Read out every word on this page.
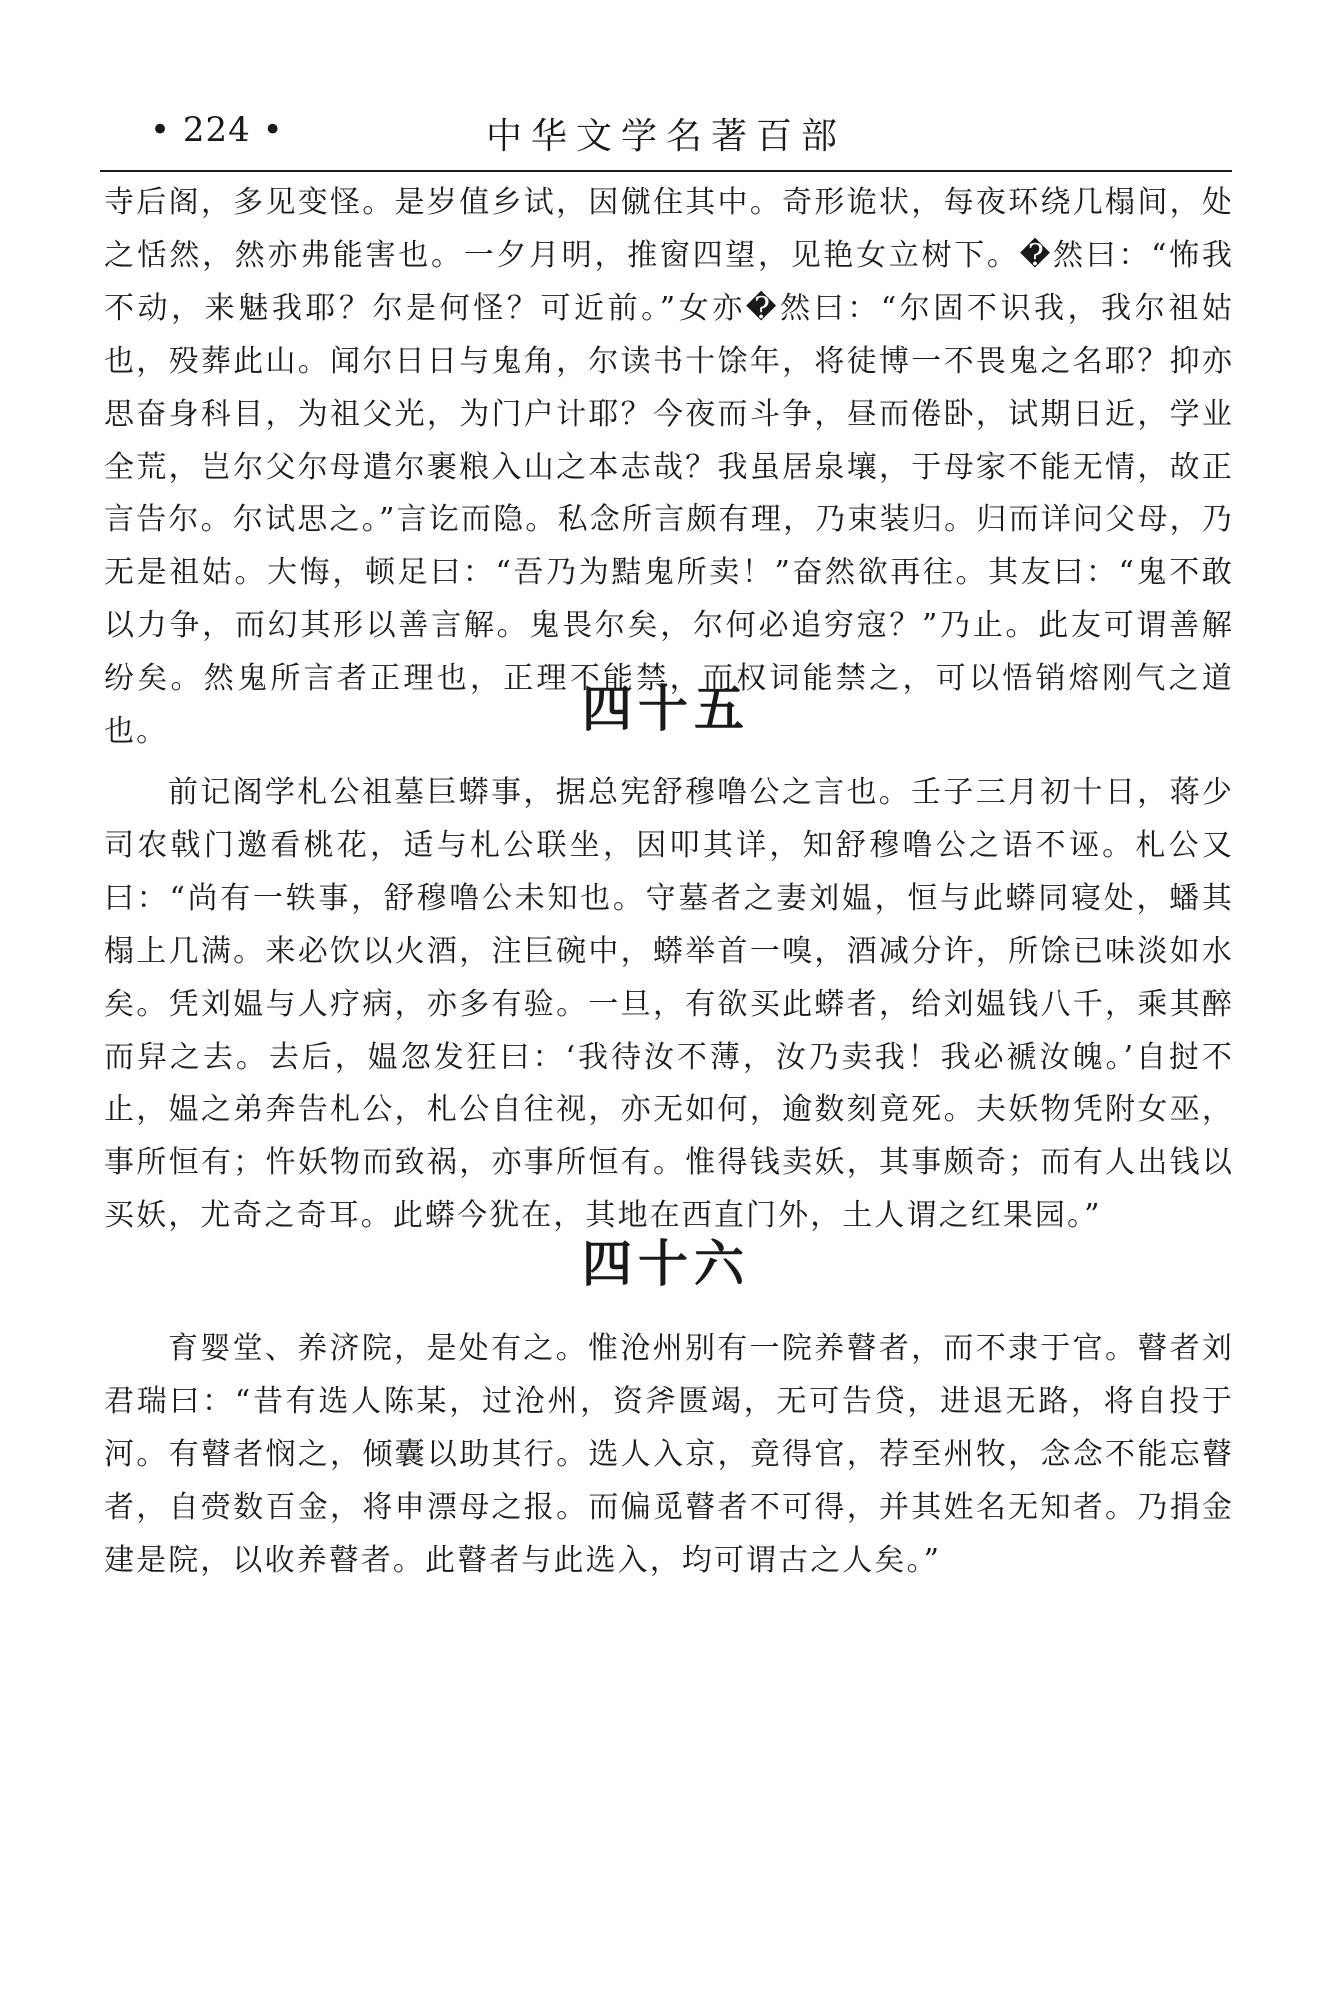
• 224 •	中华文学名著百部

寺后阁，多见变怪。是岁值乡试，因僦住其中。奇形诡状，每夜环绕几榻间，处之恬然，然亦弗能害也。一夕月明，推窗四望，见艳女立树下。�然曰：“怖我不动，来魅我耶？尔是何怪？可近前。”女亦�然曰：“尔固不识我，我尔祖姑也，殁葬此山。闻尔日日与鬼角，尔读书十馀年，将徒博一不畏鬼之名耶？抑亦思奋身科目，为祖父光，为门户计耶？今夜而斗争，昼而倦卧，试期日近，学业全荒，岂尔父尔母遣尔裹粮入山之本志哉？我虽居泉壤，于母家不能无情，故正言告尔。尔试思之。”言讫而隐。私念所言颇有理，乃束装归。归而详问父母，乃无是祖姑。大悔，顿足曰：“吾乃为黠鬼所卖！”奋然欲再往。其友曰：“鬼不敢以力争，而幻其形以善言解。鬼畏尔矣，尔何必追穷寇？”乃止。此友可谓善解纷矣。然鬼所言者正理也，正理不能禁，而权词能禁之，可以悟销熔刚气之道也。	四十五

前记阁学札公祖墓巨蟒事，据总宪舒穆噜公之言也。壬子三月初十日，蒋少司农戟门邀看桃花，适与札公联坐，因叩其详，知舒穆噜公之语不诬。札公又曰：“尚有一轶事，舒穆噜公未知也。守墓者之妻刘媪，恒与此蟒同寝处，蟠其榻上几满。来必饮以火酒，注巨碗中，蟒举首一嗅，酒减分许，所馀已味淡如水矣。凭刘媪与人疗病，亦多有验。一旦，有欲买此蟒者，给刘媪钱八千，乘其醉而舁之去。去后，媪忽发狂曰：‘我待汝不薄，汝乃卖我！我必褫汝魄。’自挝不止，媪之弟奔告札公，札公自往视，亦无如何，逾数刻竟死。夫妖物凭附女巫，事所恒有；忤妖物而致祸，亦事所恒有。惟得钱卖妖，其事颇奇；而有人出钱以买妖，尤奇之奇耳。此蟒今犹在，其地在西直门外，土人谓之红果园。”

四十六

育婴堂、养济院，是处有之。惟沧州别有一院养瞽者，而不隶于官。瞽者刘君瑞曰：“昔有选人陈某，过沧州，资斧匮竭，无可告贷，进退无路，将自投于河。有瞽者悯之，倾囊以助其行。选人入京，竟得官，荐至州牧，念念不能忘瞽者，自赍数百金，将申漂母之报。而偏觅瞽者不可得，并其姓名无知者。乃捐金建是院，以收养瞽者。此瞽者与此选入，均可谓古之人矣。”
